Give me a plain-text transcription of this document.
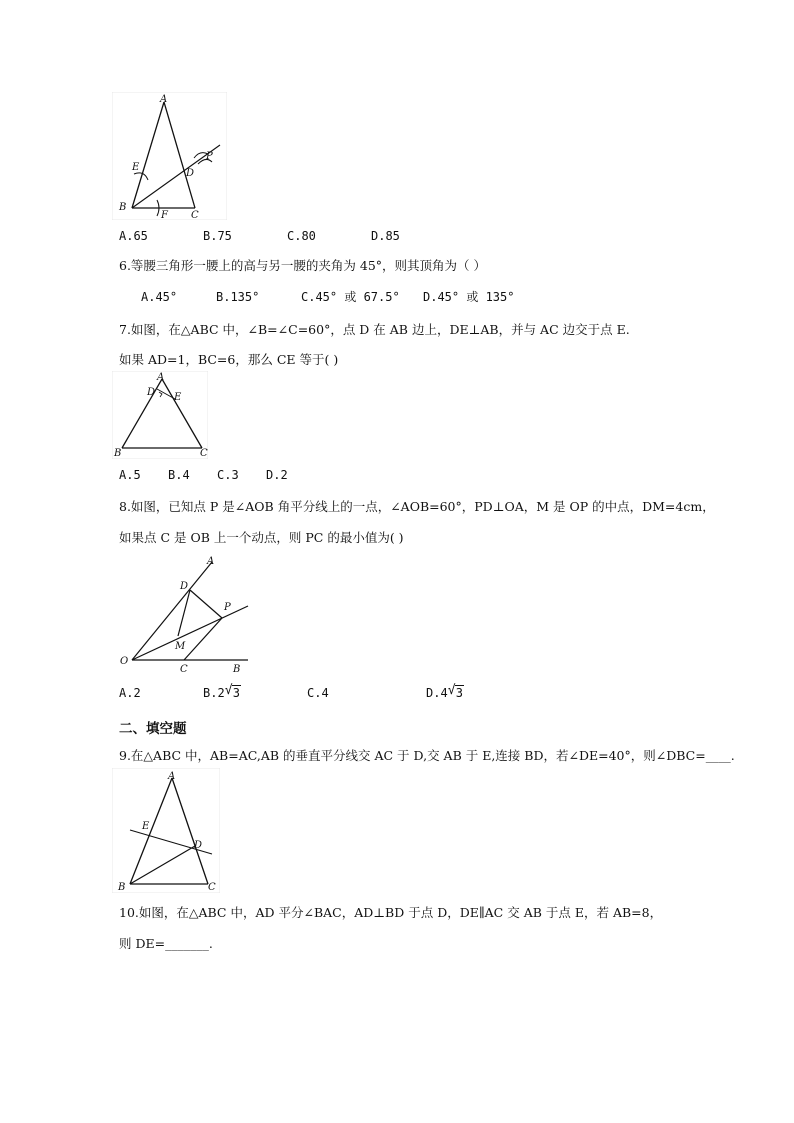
A
B
C
D
E
F
P
A.65	B.75	C.80	D.85
6.等腰三角形一腰上的高与另一腰的夹角为 45°，则其顶角为（ ）
A.45°	B.135°	C.45° 或 67.5° D.45° 或 135°
7.如图，在△ABC 中，∠B=∠C=60°，点 D 在 AB 边上，DE⊥AB，并与 AC 边交于点 E.
如果 AD=1，BC=6，那么 CE 等于( )
A
B	C
D E
A.5 B.4 C.3 D.2
8.如图，已知点 P 是∠AOB 角平分线上的一点，∠AOB=60°，PD⊥OA，M 是 OP 的中点，DM=4cm，
如果点 C 是 OB 上一个动点，则 PC 的最小值为( )
A
B
C
D
M
O
P
A.2	B.2 √ 3	C.4	D.4 √ 3
二、填空题
9.在△ABC 中，AB=AC,AB 的垂直平分线交 AC 于 D,交 AB 于 E,连接 BD，若∠DE=40°，则∠DBC=____.
A
B	C
D
E
10.如图，在△ABC 中，AD 平分∠BAC，AD⊥BD 于点 D，DE∥AC 交 AB 于点 E，若 AB=8，
则 DE=_______.
